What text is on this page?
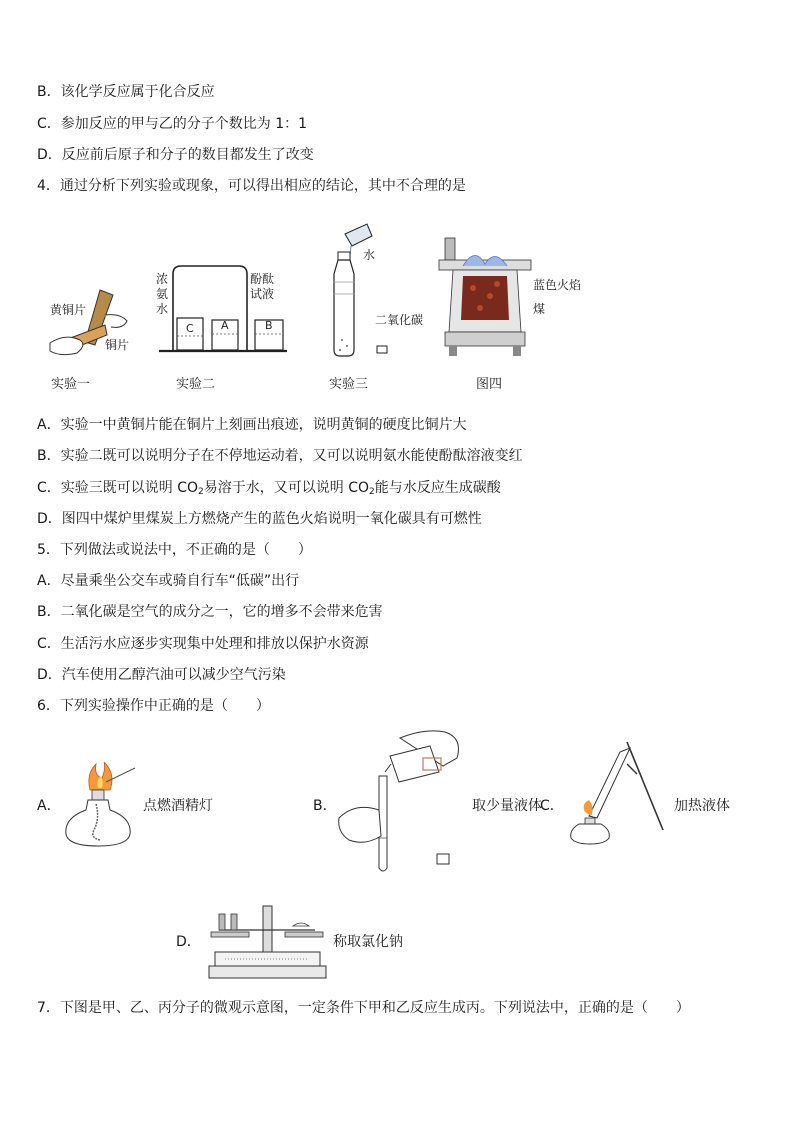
B．该化学反应属于化合反应
C．参加反应的甲与乙的分子个数比为 1：1
D．反应前后原子和分子的数目都发生了改变
4．通过分析下列实验或现象，可以得出相应的结论，其中不合理的是
黄铜片
铜片
实验一
C A	B
浓
氨
水
酚酞
试液
实验二
水
二氧化碳
实验三
蓝色火焰
煤
图四
A．实验一中黄铜片能在铜片上刻画出痕迹，说明黄铜的硬度比铜片大
B．实验二既可以说明分子在不停地运动着，又可以说明氨水能使酚酞溶液变红
C．实验三既可以说明 $CO_2$易溶于水，又可以说明 $CO_2$能与水反应生成碳酸
D．图四中煤炉里煤炭上方燃烧产生的蓝色火焰说明一氧化碳具有可燃性
5．下列做法或说法中，不正确的是（　　）
A．尽量乘坐公交车或骑自行车“低碳”出行
B．二氧化碳是空气的成分之一，它的增多不会带来危害
C．生活污水应逐步实现集中处理和排放以保护水资源
D．汽车使用乙醇汽油可以减少空气污染
6．下列实验操作中正确的是（　　）
A．	点燃酒精灯	B．	取少量液体
C．	加热液体
D．	称取氯化钠
7．下图是甲、乙、丙分子的微观示意图，一定条件下甲和乙反应生成丙。下列说法中，正确的是（　　）
